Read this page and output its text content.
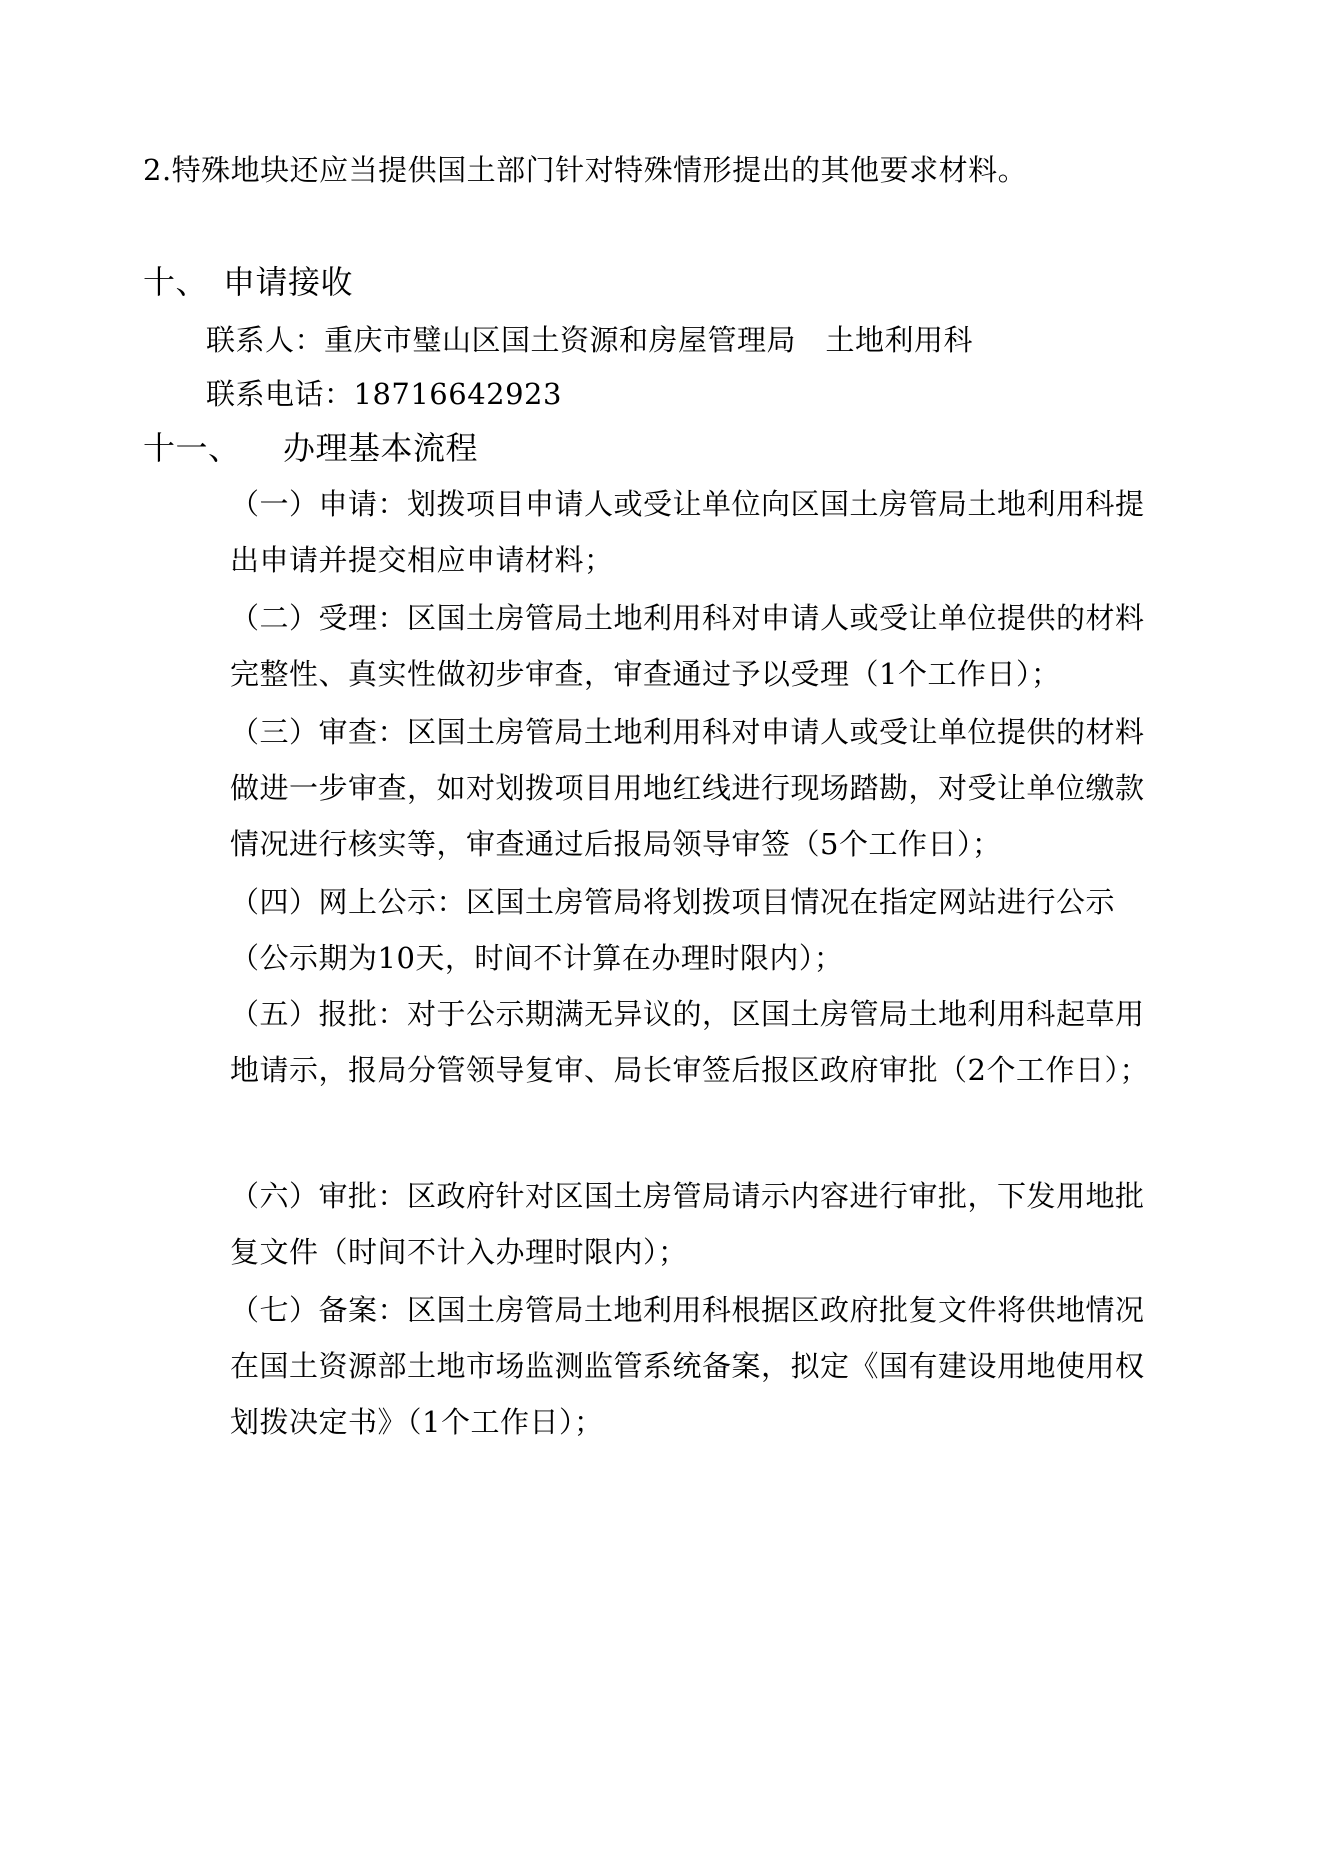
2.特殊地块还应当提供国土部门针对特殊情形提出的其他要求材料。
十、 申请接收
联系人：重庆市璧山区国土资源和房屋管理局　土地利用科
联系电话：18716642923
十一、 办理基本流程
（一）申请：划拨项目申请人或受让单位向区国土房管局土地利用科提
出申请并提交相应申请材料；
（二）受理：区国土房管局土地利用科对申请人或受让单位提供的材料
完整性、真实性做初步审查，审查通过予以受理（1个工作日）；
（三）审查：区国土房管局土地利用科对申请人或受让单位提供的材料
做进一步审查，如对划拨项目用地红线进行现场踏勘，对受让单位缴款
情况进行核实等，审查通过后报局领导审签（5个工作日）；
（四）网上公示：区国土房管局将划拨项目情况在指定网站进行公示
（公示期为10天，时间不计算在办理时限内）；
（五）报批：对于公示期满无异议的，区国土房管局土地利用科起草用
地请示，报局分管领导复审、局长审签后报区政府审批（2个工作日）；
（六）审批：区政府针对区国土房管局请示内容进行审批，下发用地批
复文件（时间不计入办理时限内）；
（七）备案：区国土房管局土地利用科根据区政府批复文件将供地情况
在国土资源部土地市场监测监管系统备案，拟定《国有建设用地使用权
划拨决定书》（1个工作日）；
